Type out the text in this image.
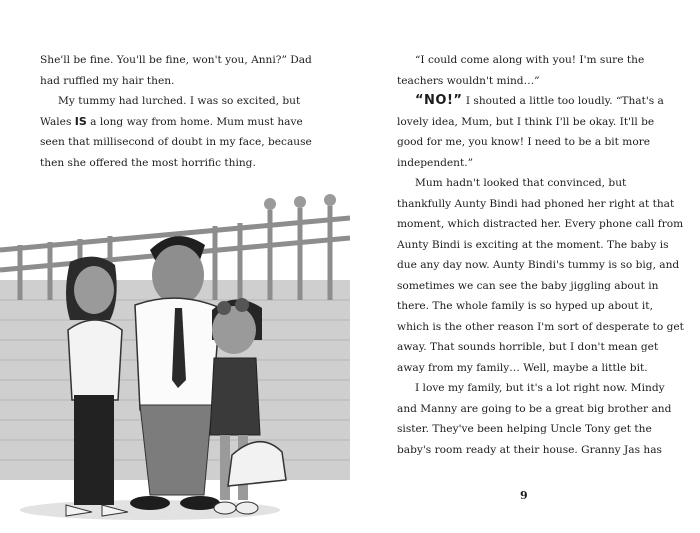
She'll be fine. You'll be fine, won't you, Anni?” Dad
had ruffled my hair then.
My tummy had lurched. I was so excited, but
Wales IS a long way from home. Mum must have
seen that millisecond of doubt in my face, because
then she offered the most horrific thing.
“I could come along with you! I'm sure the
teachers wouldn't mind…”
“NO!” I shouted a little too loudly. “That's a
lovely idea, Mum, but I think I'll be okay. It'll be
good for me, you know! I need to be a bit more
independent.”
Mum hadn't looked that convinced, but
thankfully Aunty Bindi had phoned her right at that
moment, which distracted her. Every phone call from
Aunty Bindi is exciting at the moment. The baby is
due any day now. Aunty Bindi's tummy is so big, and
sometimes we can see the baby jiggling about in
there. The whole family is so hyped up about it,
which is the other reason I'm sort of desperate to get
away. That sounds horrible, but I don't mean get
away from my family… Well, maybe a little bit.
I love my family, but it's a lot right now. Mindy
and Manny are going to be a great big brother and
sister. They've been helping Uncle Tony get the
baby's room ready at their house. Granny Jas has
9
